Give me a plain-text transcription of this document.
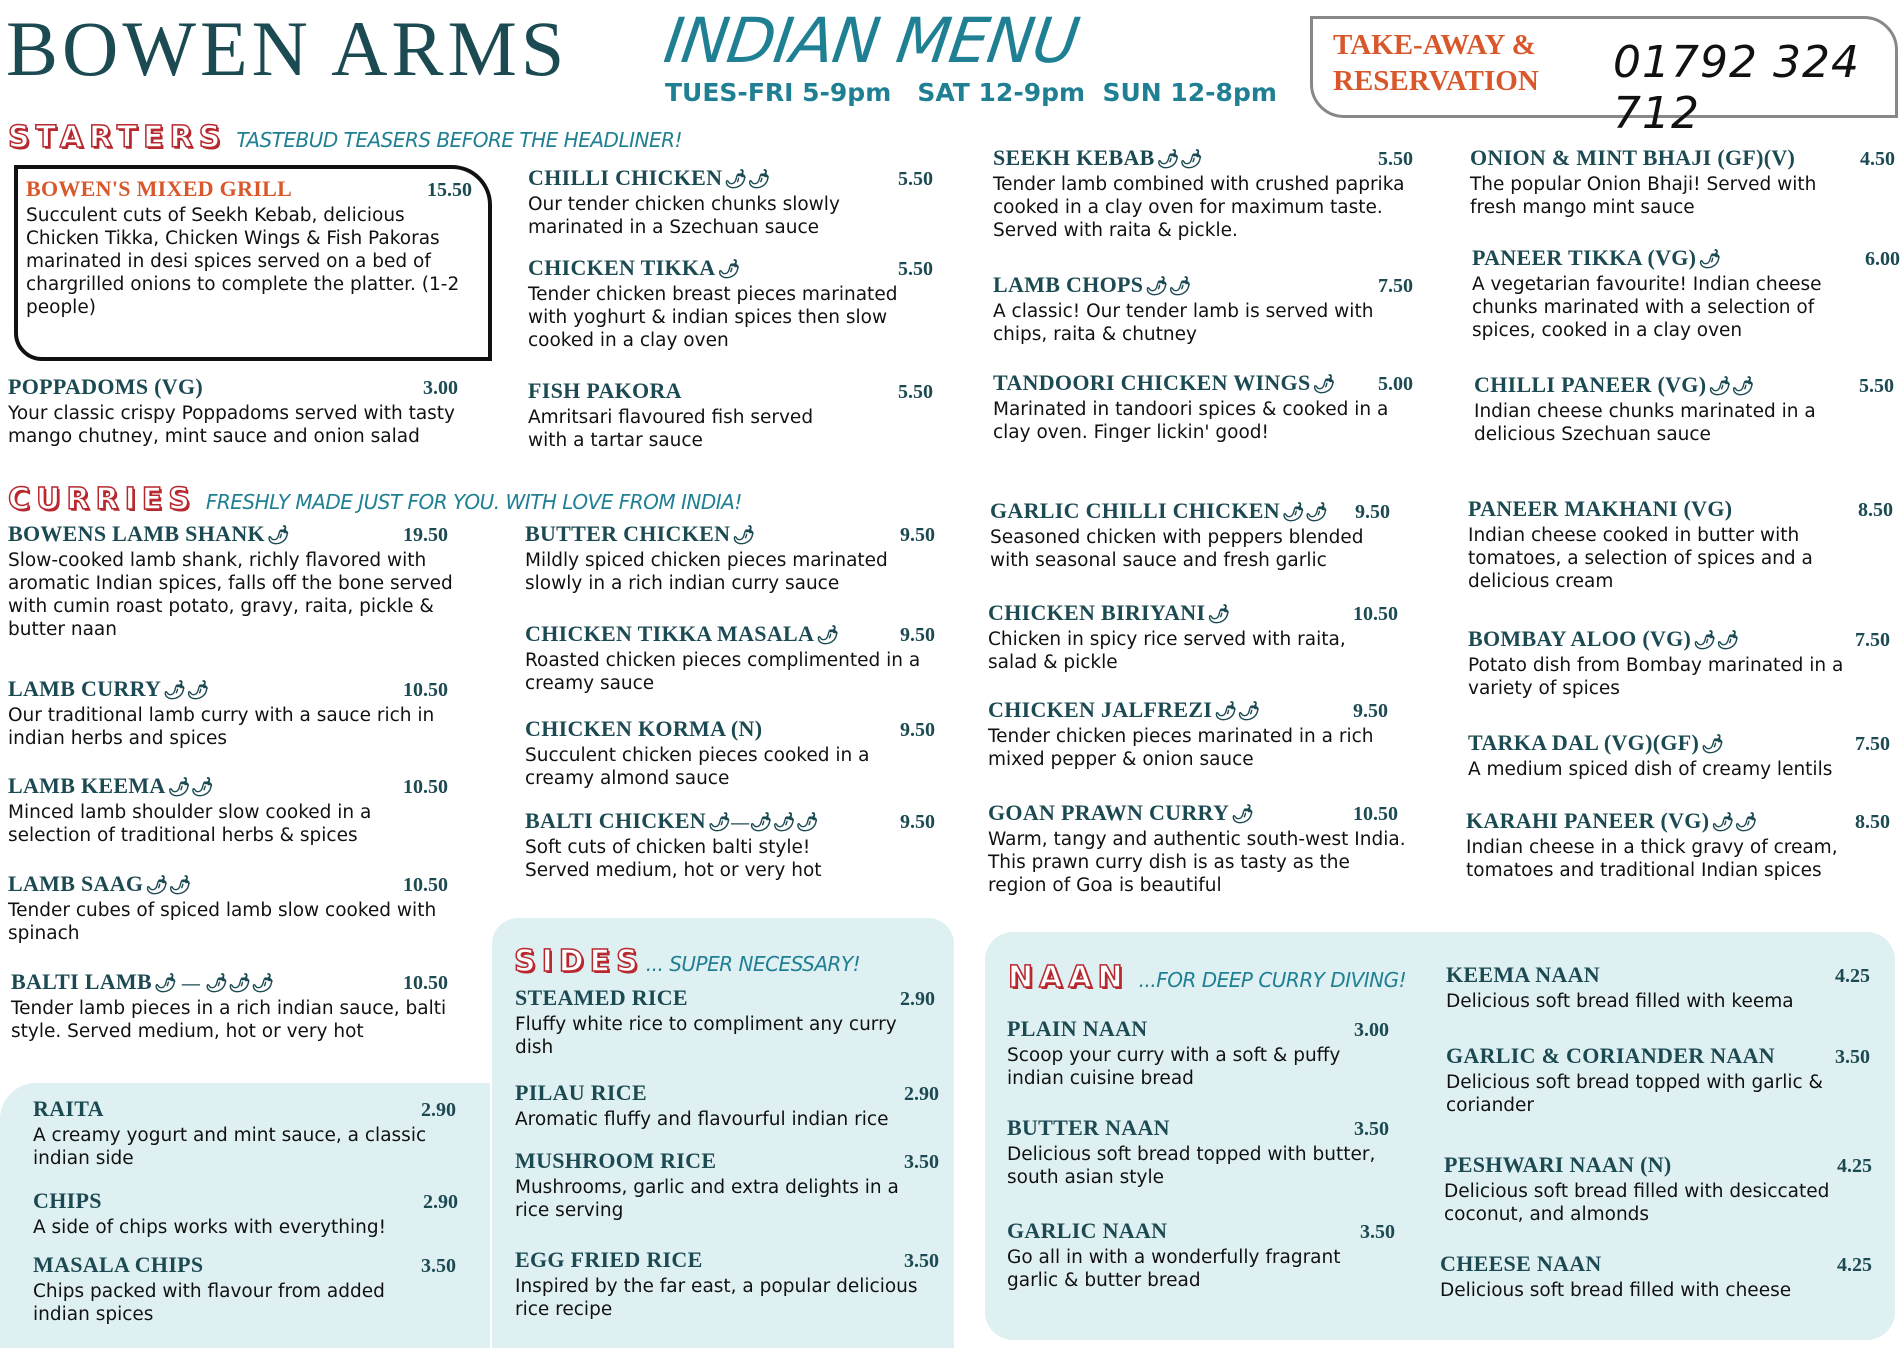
BOWEN ARMS INDIAN MENU
TUES-FRI 5-9pm   SAT 12-9pm  SUN 12-8pm
TAKE-AWAY &
RESERVATION 01792 324 712
STARTERS TASTEBUD TEASERS BEFORE THE HEADLINER!
BOWEN'S MIXED GRILL	15.50
Succulent cuts of Seekh Kebab, delicious Chicken Tikka, Chicken Wings & Fish Pakoras marinated in desi spices served on a bed of chargrilled onions to complete the platter. (1-2 people)
POPPADOMS (VG)	3.00
Your classic crispy Poppadoms served with tasty mango chutney, mint sauce and onion salad
CHILLI CHICKEN 🌶🌶	5.50
Our tender chicken chunks slowly marinated in a Szechuan sauce
CHICKEN TIKKA 🌶	5.50
Tender chicken breast pieces marinated with yoghurt & indian spices then slow cooked in a clay oven
FISH PAKORA	5.50
Amritsari flavoured fish served with a tartar sauce
SEEKH KEBAB 🌶🌶	5.50
Tender lamb combined with crushed paprika cooked in a clay oven for maximum taste. Served with raita & pickle.
LAMB CHOPS 🌶🌶	7.50
A classic! Our tender lamb is served with chips, raita & chutney
TANDOORI CHICKEN WINGS 🌶 5.00
Marinated in tandoori spices & cooked in a clay oven. Finger lickin' good!
ONION & MINT BHAJI (GF)(V)	4.50
The popular Onion Bhaji! Served with fresh mango mint sauce
PANEER TIKKA (VG) 🌶	6.00
A vegetarian favourite! Indian cheese chunks marinated with a selection of spices, cooked in a clay oven
CHILLI PANEER (VG) 🌶🌶	5.50
Indian cheese chunks marinated in a delicious Szechuan sauce
CURRIES FRESHLY MADE JUST FOR YOU. WITH LOVE FROM INDIA!
BOWENS LAMB SHANK 🌶	19.50
Slow-cooked lamb shank, richly flavored with aromatic Indian spices, falls off the bone served with cumin roast potato, gravy, raita, pickle & butter naan
LAMB CURRY 🌶🌶	10.50
Our traditional lamb curry with a sauce rich in indian herbs and spices
LAMB KEEMA 🌶🌶	10.50
Minced lamb shoulder slow cooked in a selection of traditional herbs & spices
LAMB SAAG 🌶🌶	10.50
Tender cubes of spiced lamb slow cooked with spinach
BALTI LAMB 🌶 — 🌶🌶🌶	10.50
Tender lamb pieces in a rich indian sauce, balti style. Served medium, hot or very hot
BUTTER CHICKEN 🌶	9.50
Mildly spiced chicken pieces marinated slowly in a rich indian curry sauce
CHICKEN TIKKA MASALA 🌶	9.50
Roasted chicken pieces complimented in a creamy sauce
CHICKEN KORMA (N)	9.50
Succulent chicken pieces cooked in a creamy almond sauce
BALTI CHICKEN 🌶—🌶🌶🌶	9.50
Soft cuts of chicken balti style! Served medium, hot or very hot
GARLIC CHILLI CHICKEN 🌶🌶 9.50
Seasoned chicken with peppers blended with seasonal sauce and fresh garlic
CHICKEN BIRIYANI 🌶	10.50
Chicken in spicy rice served with raita, salad & pickle
CHICKEN JALFREZI 🌶🌶	9.50
Tender chicken pieces marinated in a rich mixed pepper & onion sauce
GOAN PRAWN CURRY 🌶	10.50
Warm, tangy and authentic south-west India. This prawn curry dish is as tasty as the region of Goa is beautiful
PANEER MAKHANI (VG)	8.50
Indian cheese cooked in butter with tomatoes, a selection of spices and a delicious cream
BOMBAY ALOO (VG) 🌶🌶	7.50
Potato dish from Bombay marinated in a variety of spices
TARKA DAL (VG)(GF) 🌶	7.50
A medium spiced dish of creamy lentils
KARAHI PANEER (VG) 🌶🌶	8.50
Indian cheese in a thick gravy of cream, tomatoes and traditional Indian spices
RAITA	2.90
A creamy yogurt and mint sauce, a classic indian side
CHIPS	2.90
A side of chips works with everything!
MASALA CHIPS	3.50
Chips packed with flavour from added indian spices
SIDES ... SUPER NECESSARY!
STEAMED RICE	2.90
Fluffy white rice to compliment any curry dish
PILAU RICE	2.90
Aromatic fluffy and flavourful indian rice
MUSHROOM RICE	3.50
Mushrooms, garlic and extra delights in a rice serving
EGG FRIED RICE	3.50
Inspired by the far east, a popular delicious rice recipe
NAAN ...FOR DEEP CURRY DIVING!
PLAIN NAAN	3.00
Scoop your curry with a soft & puffy indian cuisine bread
BUTTER NAAN	3.50
Delicious soft bread topped with butter, south asian style
GARLIC NAAN	3.50
Go all in with a wonderfully fragrant garlic & butter bread
KEEMA NAAN	4.25
Delicious soft bread filled with keema
GARLIC & CORIANDER NAAN	3.50
Delicious soft bread topped with garlic & coriander
PESHWARI NAAN (N)	4.25
Delicious soft bread filled with desiccated coconut, and almonds
CHEESE NAAN	4.25
Delicious soft bread filled with cheese
